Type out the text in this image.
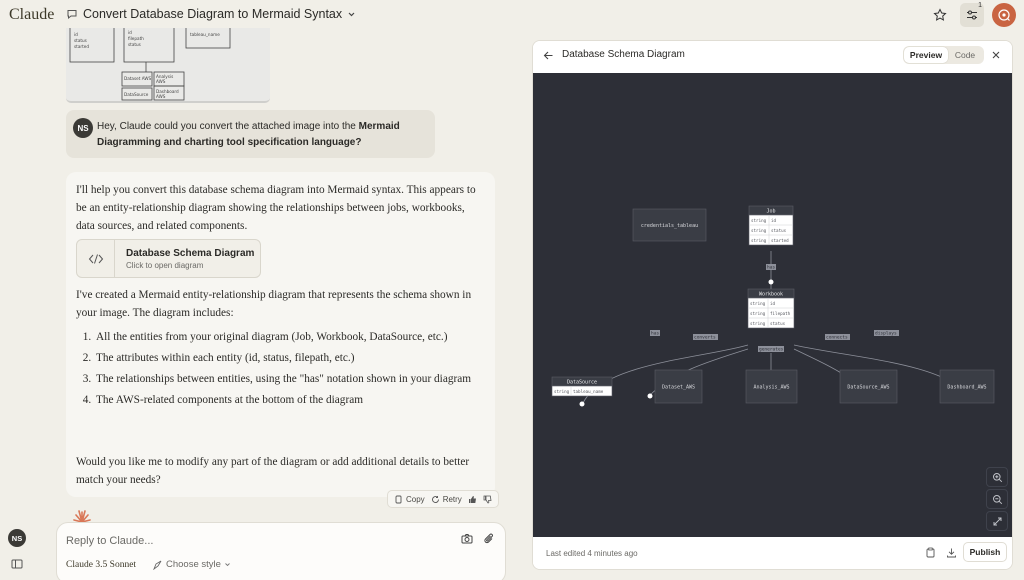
Claude Convert Database Diagram to Mermaid Syntax
1
id
status
started
id
filepath
status
tableau_name
Dataset AWS Analysis
AWS
DataSource
Dashboard
AWS
NS Hey, Claude could you convert the attached image into the Mermaid Diagramming and charting tool specification language?

I'll help you convert this database schema diagram into Mermaid syntax. This appears to be an entity-relationship diagram showing the relationships between jobs, workbooks, data sources, and related components.

Database Schema Diagram
Click to open diagram

I've created a Mermaid entity-relationship diagram that represents the schema shown in your image. The diagram includes:

1. All the entities from your original diagram (Job, Workbook, DataSource, etc.)
2. The attributes within each entity (id, status, filepath, etc.)
3. The relationships between entities, using the "has" notation shown in your diagram
4. The AWS-related components at the bottom of the diagram

Would you like me to modify any part of the diagram or add additional details to better match your needs?

Copy Retry
Reply to Claude...
Claude 3.5 Sonnet	Choose style
NS
Database Schema Diagram	Preview	Code
has
has
converts
generates
connects
displays
credentials_tableau
Job
string id
string status
string started
Workbook
string id
string filepath
string status
DataSource
string tableau_name
Dataset_AWS	Analysis_AWS	DataSource_AWS	Dashboard_AWS
Last edited 4 minutes ago	Publish
